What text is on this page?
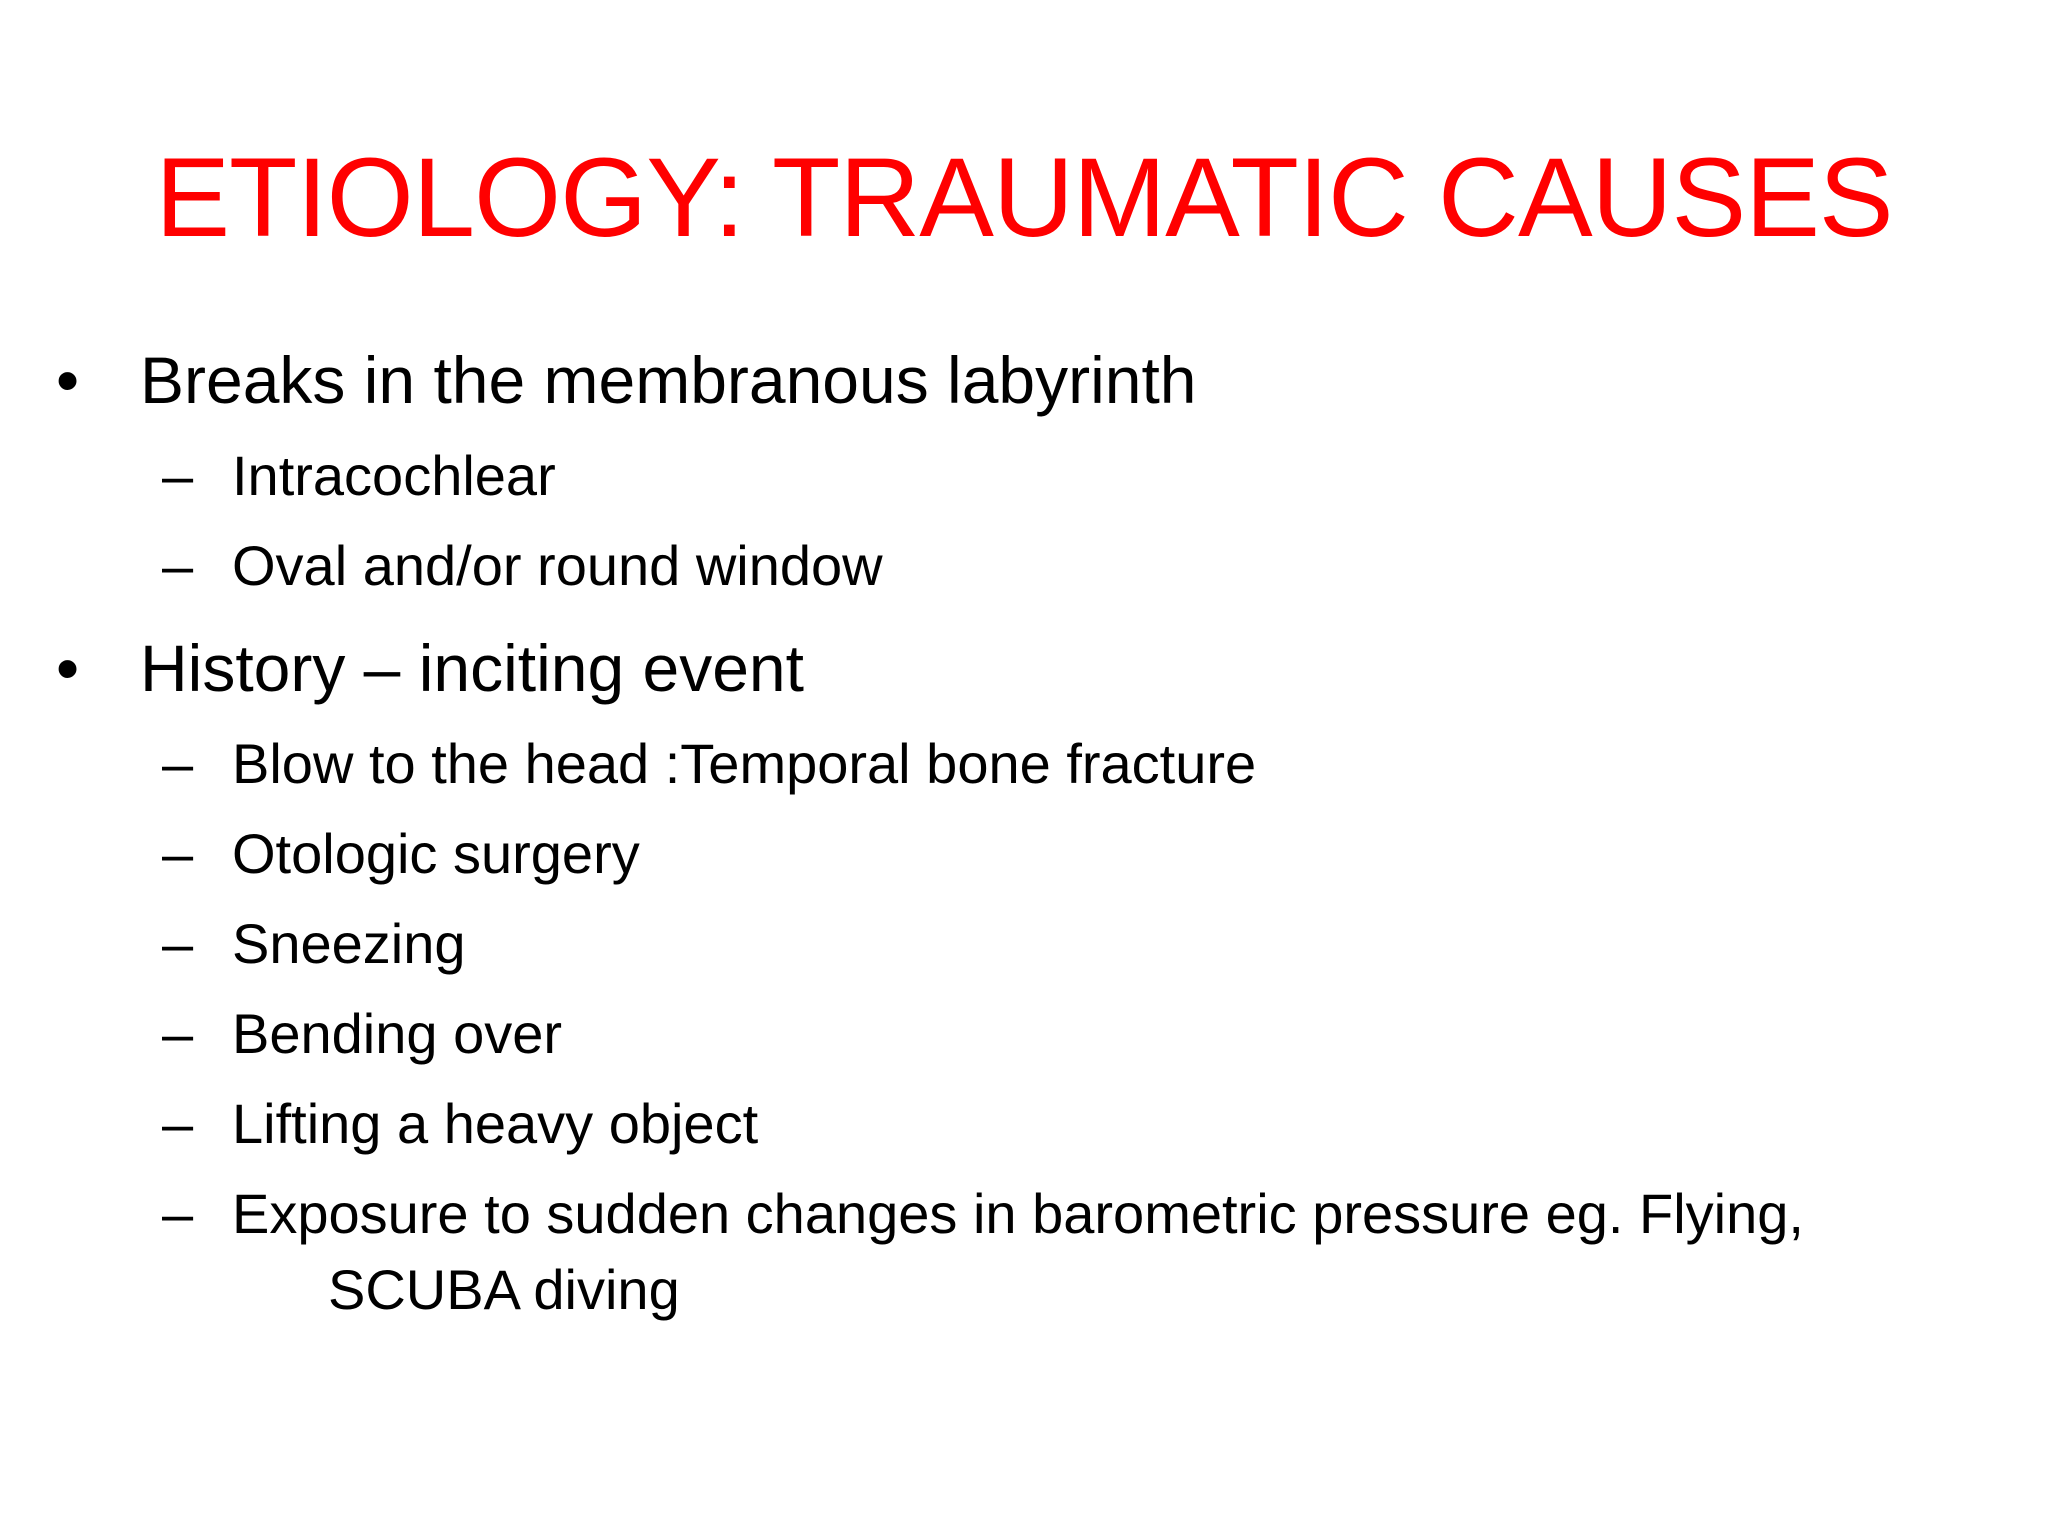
ETIOLOGY: TRAUMATIC CAUSES
• Breaks in the membranous labyrinth
– Intracochlear
– Oval and/or round window
• History – inciting event
– Blow to the head :Temporal bone fracture
– Otologic surgery
– Sneezing
– Bending over
– Lifting a heavy object
– Exposure to sudden changes in barometric pressure eg. Flying,
SCUBA diving
